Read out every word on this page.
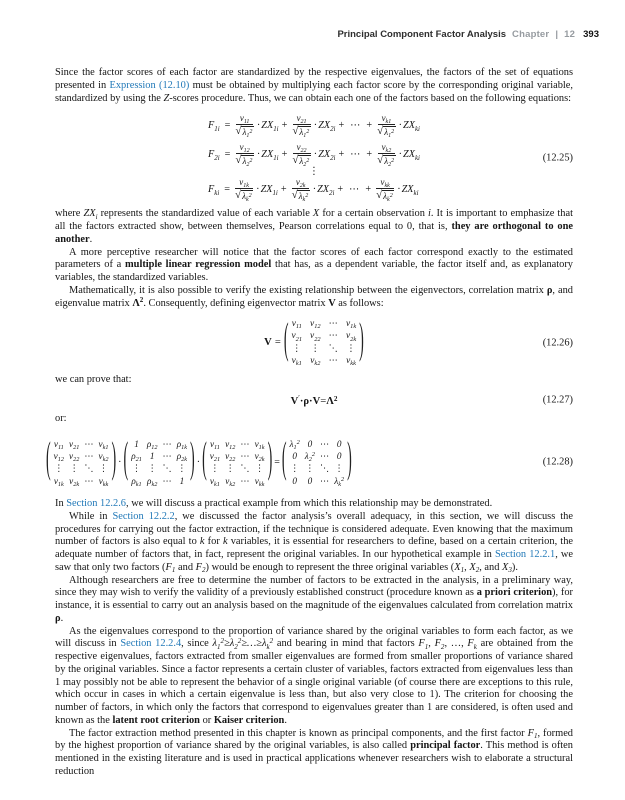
Principal Component Factor Analysis Chapter | 12 393

Since the factor scores of each factor are standardized by the respective eigenvalues, the factors of the set of equations presented in Expression (12.10) must be obtained by multiplying each factor score by the corresponding original variable, standardized by using the Z-scores procedure. Thus, we can obtain each one of the factors based on the following equations:

$F_{1i} = \frac{v_{11}}{√ \lambda_1^2} \cdot ZX_{1i} + \frac{v_{21}}{√ \lambda_1^2} \cdot ZX_{2i}$ + ⋯ + $\frac{v_{k1}}{√ \lambda_1^2} \cdot ZX_{ki}$
$F_{2i} = \frac{v_{12}}{√ \lambda_2^2} \cdot ZX_{1i} + \frac{v_{22}}{√ \lambda_2^2} \cdot ZX_{2i}$ + ⋯ + $\frac{v_{k2}}{√ \lambda_2^2} \cdot ZX_{ki}$
⋮
$F_{ki} = \frac{v_{1k}}{√ \lambda_k^2} \cdot ZX_{1i} + \frac{v_{2k}}{√ \lambda_k^2} \cdot ZX_{2i}$ + ⋯ + $\frac{v_{kk}}{√ \lambda_k^2} \cdot ZX_{ki}$
(12.25)

where $ZX_i$ represents the standardized value of each variable X for a certain observation i. It is important to emphasize that all the factors extracted show, between themselves, Pearson correlations equal to 0, that is, they are orthogonal to one another.

A more perceptive researcher will notice that the factor scores of each factor correspond exactly to the estimated parameters of a multiple linear regression model that has, as a dependent variable, the factor itself and, as explanatory variables, the standardized variables.

Mathematically, it is also possible to verify the existing relationship between the eigenvectors, correlation matrix ρ, and eigenvalue matrix $\Lambda^2$. Consequently, defining eigenvector matrix V as follows:

V = ( $v_{11}$ $v_{12}$ ⋯ $v_{1k}$
$v_{21}$ $v_{22}$ ⋯ $v_{2k}$
⋮ ⋮ ⋱ ⋮
$v_{k1}$ $v_{k2}$ ⋯ $v_{kk}$ )	(12.26)

we can prove that:

$V' \cdot \rho \cdot V = \Lambda^2$	(12.27)

or:

( $v_{11}$ $v_{21}$ ⋯ $v_{k1}$
$v_{12}$ $v_{22}$ ⋯ $v_{k2}$
⋮ ⋮ ⋱ ⋮
$v_{1k}$ $v_{2k}$ ⋯ $v_{kk}$
) · ( 1 $\rho_{12}$ ⋯ $\rho_{1k}$
$\rho_{21}$ 1 ⋯ $\rho_{2k}$
⋮ ⋮ ⋱ ⋮
$\rho_{k1}$ $\rho_{k2}$ ⋯ 1 ) · ( $v_{11}$ $v_{12}$ ⋯ $v_{1k}$
$v_{21}$ $v_{22}$ ⋯ $v_{2k}$
⋮ ⋮ ⋱ ⋮
$v_{k1}$ $v_{k2}$ ⋯ $v_{kk}$
) = ( $\lambda_1^2$ 0 ⋯ 0
0 $\lambda_2^2$ ⋯ 0
⋮ ⋮ ⋱ ⋮
0	0 ⋯ $\lambda_k^2$ )	(12.28)

In Section 12.2.6, we will discuss a practical example from which this relationship may be demonstrated.

While in Section 12.2.2, we discussed the factor analysis’s overall adequacy, in this section, we will discuss the procedures for carrying out the factor extraction, if the technique is considered adequate. Even knowing that the maximum number of factors is also equal to k for k variables, it is essential for researchers to define, based on a certain criterion, the adequate number of factors that, in fact, represent the original variables. In our hypothetical example in Section 12.2.1, we saw that only two factors ($F_1$ and $F_2$) would be enough to represent the three original variables ($X_1$, $X_2$, and $X_3$).

Although researchers are free to determine the number of factors to be extracted in the analysis, in a preliminary way, since they may wish to verify the validity of a previously established construct (procedure known as a priori criterion), for instance, it is essential to carry out an analysis based on the magnitude of the eigenvalues calculated from correlation matrix ρ.

As the eigenvalues correspond to the proportion of variance shared by the original variables to form each factor, as we will discuss in Section 12.2.4, since $\lambda_1^2\ge\lambda_2^2\ge\dots\ge\lambda_k^2$ and bearing in mind that factors $F_1$, $F_2$, …, $F_k$ are obtained from the respective eigenvalues, factors extracted from smaller eigenvalues are formed from smaller proportions of variance shared by the original variables. Since a factor represents a certain cluster of variables, factors extracted from eigenvalues less than 1 may possibly not be able to represent the behavior of a single original variable (of course there are exceptions to this rule, which occur in cases in which a certain eigenvalue is less than, but also very close to 1). The criterion for choosing the number of factors, in which only the factors that correspond to eigenvalues greater than 1 are considered, is often used and known as the latent root criterion or Kaiser criterion.

The factor extraction method presented in this chapter is known as principal components, and the first factor $F_1$, formed by the highest proportion of variance shared by the original variables, is also called principal factor. This method is often mentioned in the existing literature and is used in practical applications whenever researchers wish to elaborate a structural reduction
